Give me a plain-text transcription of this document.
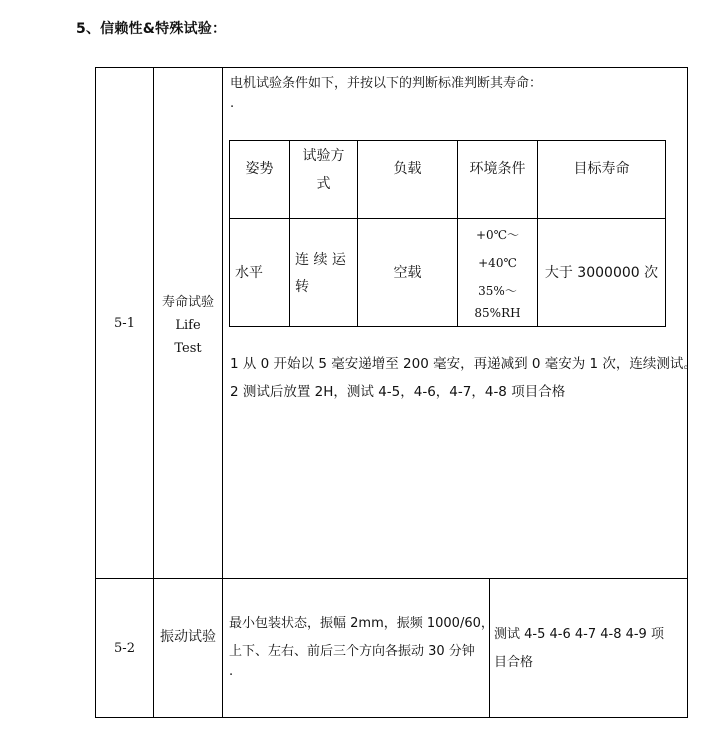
5、信赖性&特殊试验：
5-1
寿命试验
Life
Test
电机试验条件如下，并按以下的判断标准判断其寿命：
·
姿势
试验方
式
负载	环境条件	目标寿命
水平
连 续 运
转
空载
+0℃～
+40℃
35%～
85%RH
大于 3000000 次
1 从 0 开始以 5 毫安递增至 200 毫安，再递减到 0 毫安为 1 次，连续测试。
2 测试后放置 2H，测试 4-5，4-6，4-7，4-8 项目合格
5-2
振动试验
最小包装状态，振幅 2mm，振频 1000/60，
上下、左右、前后三个方向各振动 30 分钟
·
测试 4-5 4-6 4-7 4-8 4-9 项
目合格
